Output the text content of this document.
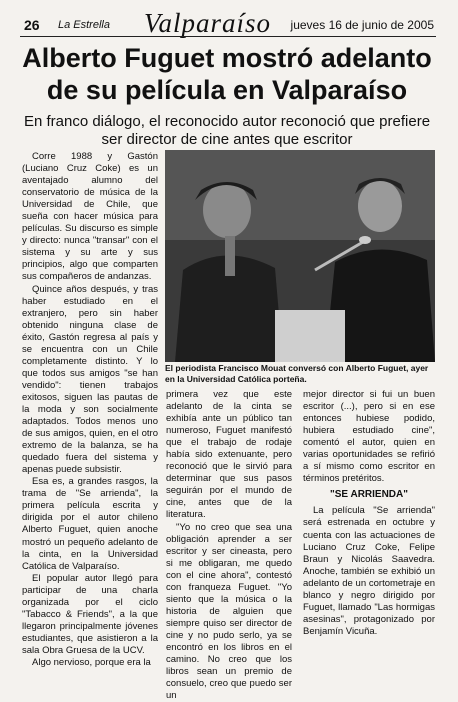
26 La Estrella Valparaíso jueves 16 de junio de 2005
Alberto Fuguet mostró adelanto
de su película en Valparaíso
En franco diálogo, el reconocido autor reconoció que prefiere
ser director de cine antes que escritor

Corre 1988 y Gastón (Luciano Cruz Coke) es un aventajado alumno del conservatorio de música de la Universidad de Chile, que sueña con hacer música para películas. Su discurso es simple y directo: nunca "transar" con el sistema y su arte y sus principios, algo que comparten sus compañeros de andanzas.

Quince años después, y tras haber estudiado en el extranjero, pero sin haber obtenido ninguna clase de éxito, Gastón regresa al país y se encuentra con un Chile completamente distinto. Y lo que todos sus amigos "se han vendido": tienen trabajos exitosos, siguen las pautas de la moda y son socialmente adaptados. Todos menos uno de sus amigos, quien, en el otro extremo de la balanza, se ha quedado fuera del sistema y apenas puede subsistir.

Esa es, a grandes rasgos, la trama de "Se arrienda", la primera película escrita y dirigida por el autor chileno Alberto Fuguet, quien anoche mostró un pequeño adelanto de la cinta, en la Universidad Católica de Valparaíso.

El popular autor llegó para participar de una charla organizada por el ciclo "Tabacco & Friends", a la que llegaron principalmente jóvenes estudiantes, que asistieron a la sala Obra Gruesa de la UCV.

Algo nervioso, porque era la

El periodista Francisco Mouat conversó con Alberto Fuguet, ayer en la Universidad Católica porteña.

primera vez que este adelanto de la cinta se exhibía ante un público tan numeroso, Fuguet manifestó que el trabajo de rodaje había sido extenuante, pero reconoció que le sirvió para determinar que sus pasos seguirán por el mundo de cine, antes que de la literatura.

"Yo no creo que sea una obligación aprender a ser escritor y ser cineasta, pero si me obligaran, me quedo con el cine ahora", contestó con franqueza Fuguet. "Yo siento que la música o la historia de alguien que siempre quiso ser director de cine y no pudo serlo, ya se encontró en los libros en el camino. No creo que los libros sean un premio de consuelo, creo que puedo ser un

mejor director si fui un buen escritor (...), pero si en ese entonces hubiese podido, hubiera estudiado cine", comentó el autor, quien en varias oportunidades se refirió a sí mismo como escritor en términos pretéritos.

"SE ARRIENDA"

La película "Se arrienda" será estrenada en octubre y cuenta con las actuaciones de Luciano Cruz Coke, Felipe Braun y Nicolás Saavedra. Anoche, también se exhibió un adelanto de un cortometraje en blanco y negro dirigido por Fuguet, llamado "Las hormigas asesinas", protagonizado por Benjamín Vicuña.
